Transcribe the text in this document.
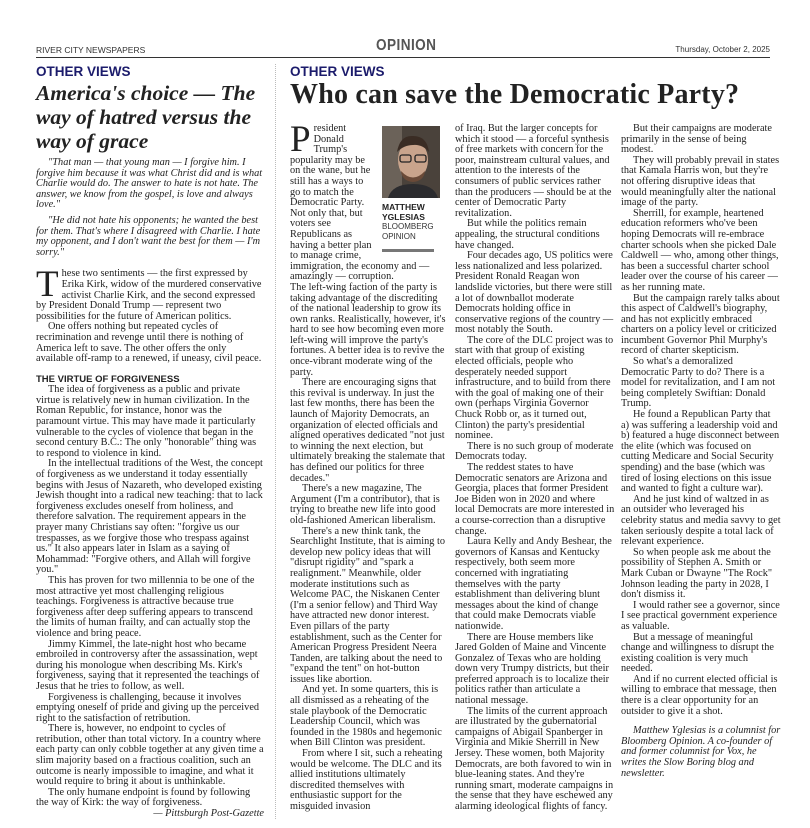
RIVER CITY NEWSPAPERS	OPINION	Thursday, October 2, 2025
OTHER VIEWS
America's choice — The way of hatred versus the way of grace

"That man — that young man — I forgive him. I forgive him because it was what Christ did and is what Charlie would do. The answer to hate is not hate. The answer, we know from the gospel, is love and always love."

"He did not hate his opponents; he wanted the best for them. That's where I disagreed with Charlie. I hate my opponent, and I don't want the best for them — I'm sorry."

These two sentiments — the first expressed by Erika Kirk, widow of the murdered conservative activist Charlie Kirk, and the second expressed by President Donald Trump — represent two possibilities for the future of American politics.

One offers nothing but repeated cycles of recrimination and revenge until there is nothing of America left to save. The other offers the only available off-ramp to a renewed, if uneasy, civil peace.

THE VIRTUE OF FORGIVENESS

The idea of forgiveness as a public and private virtue is relatively new in human civilization. In the Roman Republic, for instance, honor was the paramount virtue. This may have made it particularly vulnerable to the cycles of violence that began in the second century B.C.: The only "honorable" thing was to respond to violence in kind.

In the intellectual traditions of the West, the concept of forgiveness as we understand it today essentially begins with Jesus of Nazareth, who developed existing Jewish thought into a radical new teaching: that to lack forgiveness excludes oneself from holiness, and therefore salvation. The requirement appears in the prayer many Christians say often: "forgive us our trespasses, as we forgive those who trespass against us." It also appears later in Islam as a saying of Mohammad: "Forgive others, and Allah will forgive you."

This has proven for two millennia to be one of the most attractive yet most challenging religious teachings. Forgiveness is attractive because true forgiveness after deep suffering appears to transcend the limits of human frailty, and can actually stop the violence and bring peace.

Jimmy Kimmel, the late-night host who became embroiled in controversy after the assassination, wept during his monologue when describing Ms. Kirk's forgiveness, saying that it represented the teachings of Jesus that he tries to follow, as well.

Forgiveness is challenging, because it involves emptying oneself of pride and giving up the perceived right to the satisfaction of retribution.

There is, however, no endpoint to cycles of retribution, other than total victory. In a country where each party can only cobble together at any given time a slim majority based on a fractious coalition, such an outcome is nearly impossible to imagine, and what it would require to bring it about is unthinkable.

The only humane endpoint is found by following the way of Kirk: the way of forgiveness.

— Pittsburgh Post-Gazette

OTHER VIEWS
Who can save the Democratic Party?
MATTHEW
YGLESIAS
BLOOMBERG
OPINION

President Donald Trump's popularity may be on the wane, but he still has a ways to go to match the Democratic Party. Not only that, but voters see Republicans as having a better plan to manage crime, immigration, the economy and — amazingly — corruption.

The left-wing faction of the party is taking advantage of the discrediting of the national leadership to grow its own ranks. Realistically, however, it's hard to see how becoming even more left-wing will improve the party's fortunes. A better idea is to revive the once-vibrant moderate wing of the party.

There are encouraging signs that this revival is underway. In just the last few months, there has been the launch of Majority Democrats, an organization of elected officials and aligned operatives dedicated "not just to winning the next election, but ultimately breaking the stalemate that has defined our politics for three decades."

There's a new magazine, The Argument (I'm a contributor), that is trying to breathe new life into good old-fashioned American liberalism.

There's a new think tank, the Searchlight Institute, that is aiming to develop new policy ideas that will "disrupt rigidity" and "spark a realignment." Meanwhile, older moderate institutions such as Welcome PAC, the Niskanen Center (I'm a senior fellow) and Third Way have attracted new donor interest. Even pillars of the party establishment, such as the Center for American Progress President Neera Tanden, are talking about the need to "expand the tent" on hot-button issues like abortion.

And yet. In some quarters, this is all dismissed as a reheating of the stale playbook of the Democratic Leadership Council, which was founded in the 1980s and hegemonic when Bill Clinton was president.

From where I sit, such a reheating would be welcome. The DLC and its allied institutions ultimately discredited themselves with enthusiastic support for the misguided invasion

of Iraq. But the larger concepts for which it stood — a forceful synthesis of free markets with concern for the poor, mainstream cultural values, and attention to the interests of the consumers of public services rather than the producers — should be at the center of Democratic Party revitalization.

But while the politics remain appealing, the structural conditions have changed.

Four decades ago, US politics were less nationalized and less polarized. President Ronald Reagan won landslide victories, but there were still a lot of downballot moderate Democrats holding office in conservative regions of the country — most notably the South.

The core of the DLC project was to start with that group of existing elected officials, people who desperately needed support infrastructure, and to build from there with the goal of making one of their own (perhaps Virginia Governor Chuck Robb or, as it turned out, Clinton) the party's presidential nominee.

There is no such group of moderate Democrats today.

The reddest states to have Democratic senators are Arizona and Georgia, places that former President Joe Biden won in 2020 and where local Democrats are more interested in a course-correction than a disruptive change.

Laura Kelly and Andy Beshear, the governors of Kansas and Kentucky respectively, both seem more concerned with ingratiating themselves with the party establishment than delivering blunt messages about the kind of change that could make Democrats viable nationwide.

There are House members like Jared Golden of Maine and Vincente Gonzalez of Texas who are holding down very Trumpy districts, but their preferred approach is to localize their politics rather than articulate a national message.

The limits of the current approach are illustrated by the gubernatorial campaigns of Abigail Spanberger in Virginia and Mikie Sherrill in New Jersey. These women, both Majority Democrats, are both favored to win in blue-leaning states. And they're running smart, moderate campaigns in the sense that they have eschewed any alarming ideological flights of fancy.

But their campaigns are moderate primarily in the sense of being modest.

They will probably prevail in states that Kamala Harris won, but they're not offering disruptive ideas that would meaningfully alter the national image of the party.

Sherrill, for example, heartened education reformers who've been hoping Democrats will re-embrace charter schools when she picked Dale Caldwell — who, among other things, has been a successful charter school leader over the course of his career — as her running mate.

But the campaign rarely talks about this aspect of Caldwell's biography, and has not explicitly embraced charters on a policy level or criticized incumbent Governor Phil Murphy's record of charter skepticism.

So what's a demoralized Democratic Party to do? There is a model for revitalization, and I am not being completely Swiftian: Donald Trump.

He found a Republican Party that a) was suffering a leadership void and b) featured a huge disconnect between the elite (which was focused on cutting Medicare and Social Security spending) and the base (which was tired of losing elections on this issue and wanted to fight a culture war).

And he just kind of waltzed in as an outsider who leveraged his celebrity status and media savvy to get taken seriously despite a total lack of relevant experience.

So when people ask me about the possibility of Stephen A. Smith or Mark Cuban or Dwayne "The Rock" Johnson leading the party in 2028, I don't dismiss it.

I would rather see a governor, since I see practical government experience as valuable.

But a message of meaningful change and willingness to disrupt the existing coalition is very much needed.

And if no current elected official is willing to embrace that message, then there is a clear opportunity for an outsider to give it a shot.

Matthew Yglesias is a columnist for Bloomberg Opinion. A co-founder of and former columnist for Vox, he writes the Slow Boring blog and newsletter.
